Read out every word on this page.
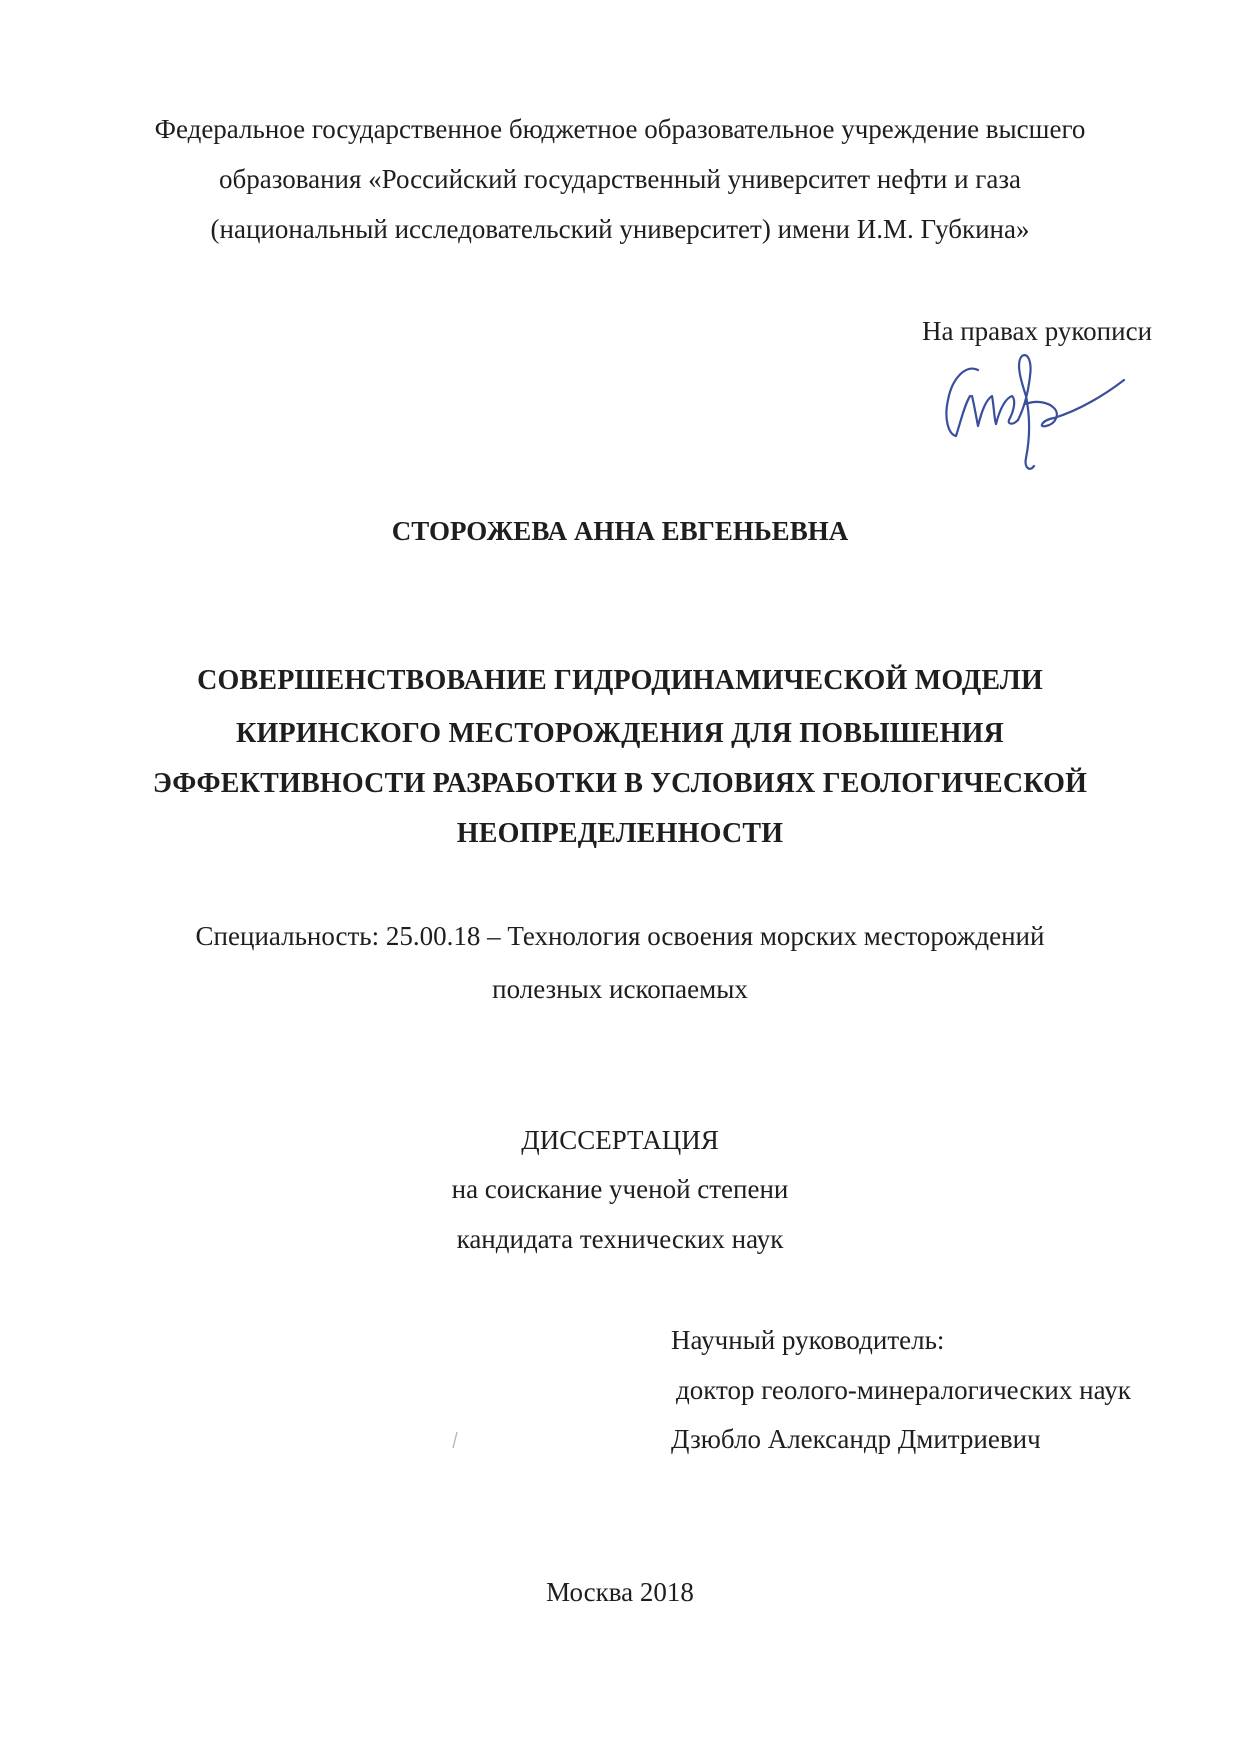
Федеральное государственное бюджетное образовательное учреждение высшего
образования «Российский государственный университет нефти и газа
(национальный исследовательский университет) имени И.М. Губкина»
На правах рукописи
СТОРОЖЕВА АННА ЕВГЕНЬЕВНА
СОВЕРШЕНСТВОВАНИЕ ГИДРОДИНАМИЧЕСКОЙ МОДЕЛИ
КИРИНСКОГО МЕСТОРОЖДЕНИЯ ДЛЯ ПОВЫШЕНИЯ
ЭФФЕКТИВНОСТИ РАЗРАБОТКИ В УСЛОВИЯХ ГЕОЛОГИЧЕСКОЙ
НЕОПРЕДЕЛЕННОСТИ
Специальность: 25.00.18 – Технология освоения морских месторождений
полезных ископаемых
ДИССЕРТАЦИЯ
на соискание ученой степени
кандидата технических наук
Научный руководитель:
доктор геолого-минералогических наук
Дзюбло Александр Дмитриевич
Москва 2018
